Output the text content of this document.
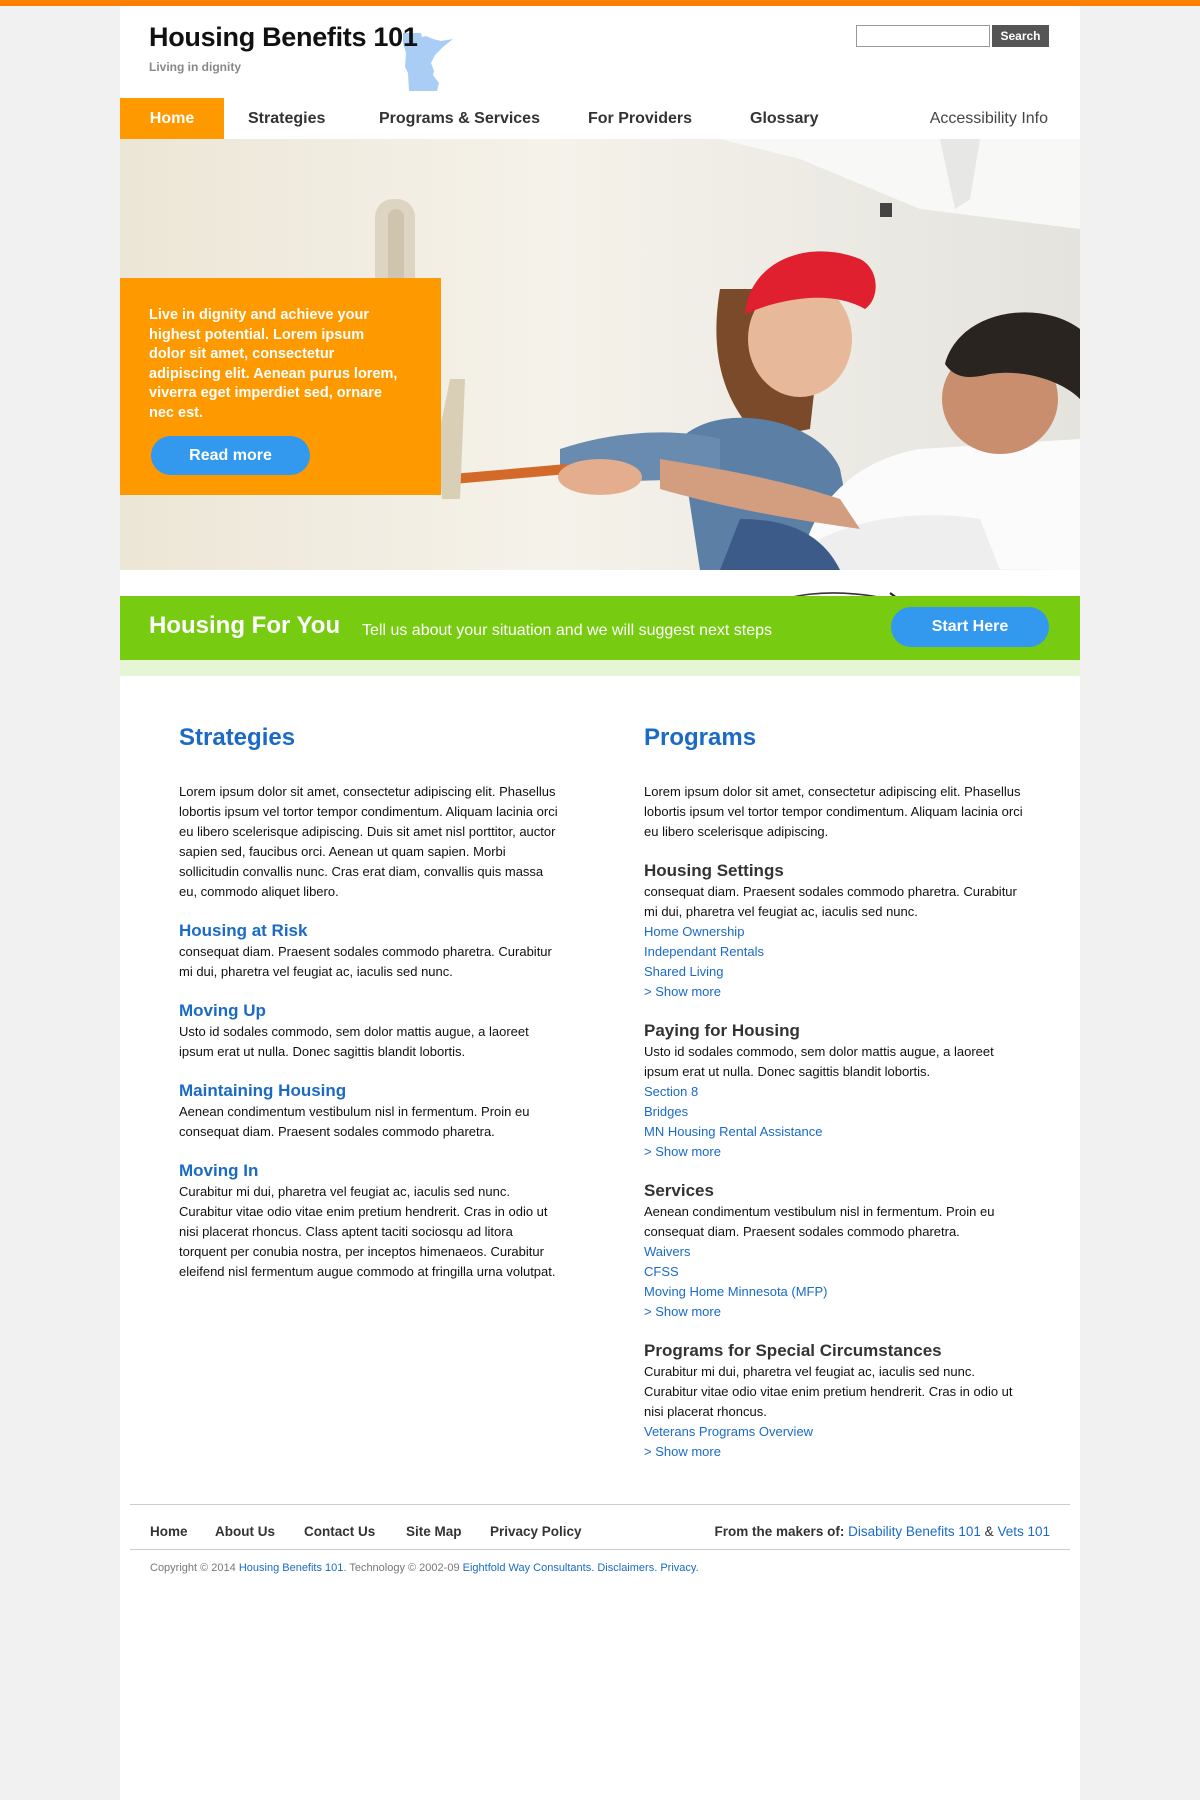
Housing Benefits 101
Living in dignity
Search
Home	Strategies	Programs & Services	For Providers	Glossary	Accessibility Info
Live in dignity and achieve your highest potential. Lorem ipsum dolor sit amet, consectetur adipiscing elit. Aenean purus lorem, viverra eget imperdiet sed, ornare nec est.
Read more
Housing For You Tell us about your situation and we will suggest next steps	Start Here
Strategies

Lorem ipsum dolor sit amet, consectetur adipiscing elit. Phasellus lobortis ipsum vel tortor tempor condimentum. Aliquam lacinia orci eu libero scelerisque adipiscing. Duis sit amet nisl porttitor, auctor sapien sed, faucibus orci. Aenean ut quam sapien. Morbi sollicitudin convallis nunc. Cras erat diam, convallis quis massa eu, commodo aliquet libero.

Housing at Risk

consequat diam. Praesent sodales commodo pharetra. Curabitur mi dui, pharetra vel feugiat ac, iaculis sed nunc.

Moving Up

Usto id sodales commodo, sem dolor mattis augue, a laoreet ipsum erat ut nulla. Donec sagittis blandit lobortis.

Maintaining Housing

Aenean condimentum vestibulum nisl in fermentum. Proin eu consequat diam. Praesent sodales commodo pharetra.

Moving In

Curabitur mi dui, pharetra vel feugiat ac, iaculis sed nunc. Curabitur vitae odio vitae enim pretium hendrerit. Cras in odio ut nisi placerat rhoncus. Class aptent taciti sociosqu ad litora torquent per conubia nostra, per inceptos himenaeos. Curabitur eleifend nisl fermentum augue commodo at fringilla urna volutpat.

Programs

Lorem ipsum dolor sit amet, consectetur adipiscing elit. Phasellus lobortis ipsum vel tortor tempor condimentum. Aliquam lacinia orci eu libero scelerisque adipiscing.

Housing Settings

consequat diam. Praesent sodales commodo pharetra. Curabitur mi dui, pharetra vel feugiat ac, iaculis sed nunc.

Home Ownership
Independant Rentals
Shared Living
> Show more
Paying for Housing

Usto id sodales commodo, sem dolor mattis augue, a laoreet ipsum erat ut nulla. Donec sagittis blandit lobortis.

Section 8
Bridges
MN Housing Rental Assistance
> Show more
Services

Aenean condimentum vestibulum nisl in fermentum. Proin eu consequat diam. Praesent sodales commodo pharetra.

Waivers
CFSS
Moving Home Minnesota (MFP)
> Show more
Programs for Special Circumstances

Curabitur mi dui, pharetra vel feugiat ac, iaculis sed nunc. Curabitur vitae odio vitae enim pretium hendrerit. Cras in odio ut nisi placerat rhoncus.

Veterans Programs Overview
> Show more
Home About Us Contact Us Site Map Privacy Policy	From the makers of: Disability Benefits 101 & Vets 101
Copyright © 2014 Housing Benefits 101. Technology © 2002-09 Eightfold Way Consultants. Disclaimers. Privacy.
